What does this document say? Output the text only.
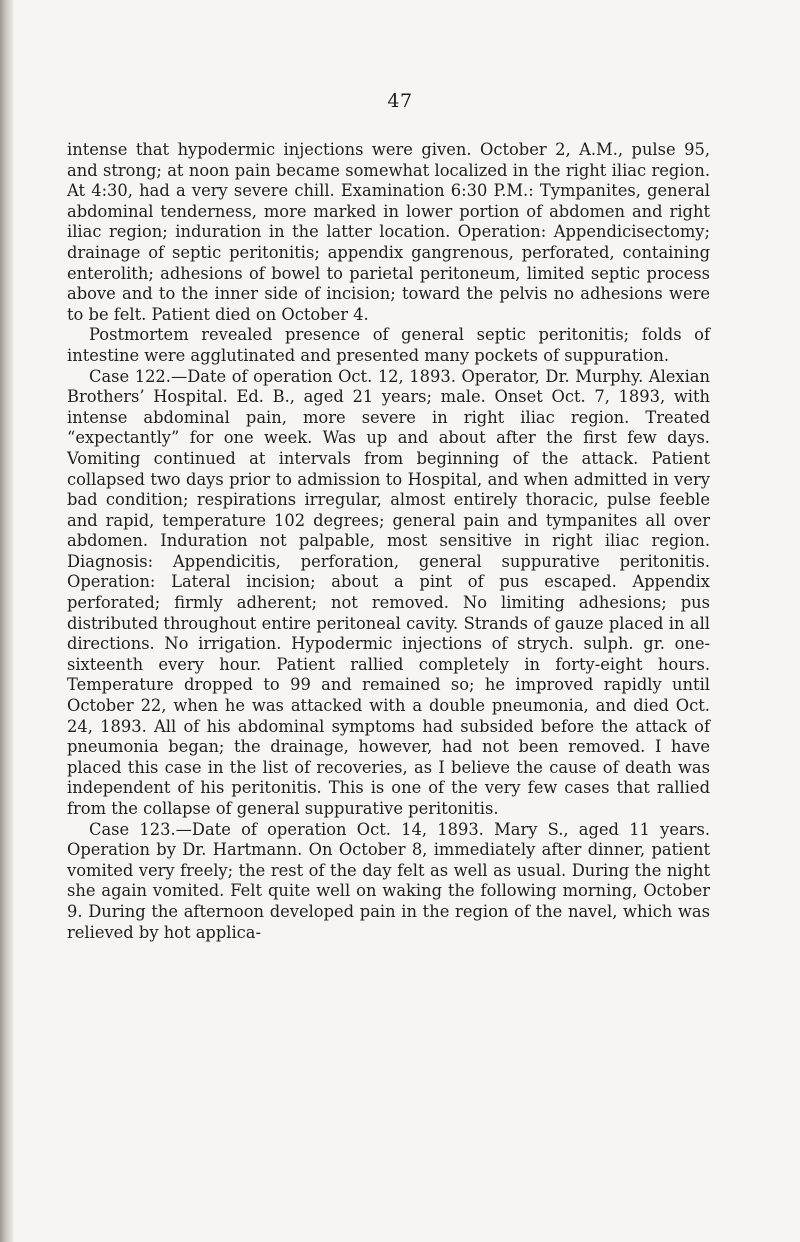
47

intense that hypodermic injections were given. October 2, A.M., pulse 95, and strong; at noon pain became somewhat localized in the right iliac region. At 4:30, had a very severe chill. Examination 6:30 P.M.: Tympanites, general abdominal tenderness, more marked in lower portion of abdomen and right iliac region; induration in the latter location. Operation: Appendicisectomy; drainage of septic peritonitis; appendix gangrenous, perforated, containing enterolith; adhesions of bowel to parietal peritoneum, limited septic process above and to the inner side of incision; toward the pelvis no adhesions were to be felt. Patient died on October 4.

Postmortem revealed presence of general septic peritonitis; folds of intestine were agglutinated and presented many pockets of suppuration.

Case 122.—Date of operation Oct. 12, 1893. Operator, Dr. Murphy. Alexian Brothers’ Hospital. Ed. B., aged 21 years; male. Onset Oct. 7, 1893, with intense abdominal pain, more severe in right iliac region. Treated “expectantly” for one week. Was up and about after the first few days. Vomiting continued at intervals from beginning of the attack. Patient collapsed two days prior to admission to Hospital, and when admitted in very bad condition; respirations irregular, almost entirely thoracic, pulse feeble and rapid, temperature 102 degrees; general pain and tympanites all over abdomen. Induration not palpable, most sensitive in right iliac region. Diagnosis: Appendicitis, perforation, general suppurative peritonitis. Operation: Lateral incision; about a pint of pus escaped. Appendix perforated; firmly adherent; not removed. No limiting adhesions; pus distributed throughout entire peritoneal cavity. Strands of gauze placed in all directions. No irrigation. Hypodermic injections of strych. sulph. gr. one-sixteenth every hour. Patient rallied completely in forty-eight hours. Temperature dropped to 99 and remained so; he improved rapidly until October 22, when he was attacked with a double pneumonia, and died Oct. 24, 1893. All of his abdominal symptoms had subsided before the attack of pneumonia began; the drainage, however, had not been removed. I have placed this case in the list of recoveries, as I believe the cause of death was independent of his peritonitis. This is one of the very few cases that rallied from the collapse of general suppurative peritonitis.

Case 123.—Date of operation Oct. 14, 1893. Mary S., aged 11 years. Operation by Dr. Hartmann. On October 8, immediately after dinner, patient vomited very freely; the rest of the day felt as well as usual. During the night she again vomited. Felt quite well on waking the following morning, October 9. During the afternoon developed pain in the region of the navel, which was relieved by hot applica-
